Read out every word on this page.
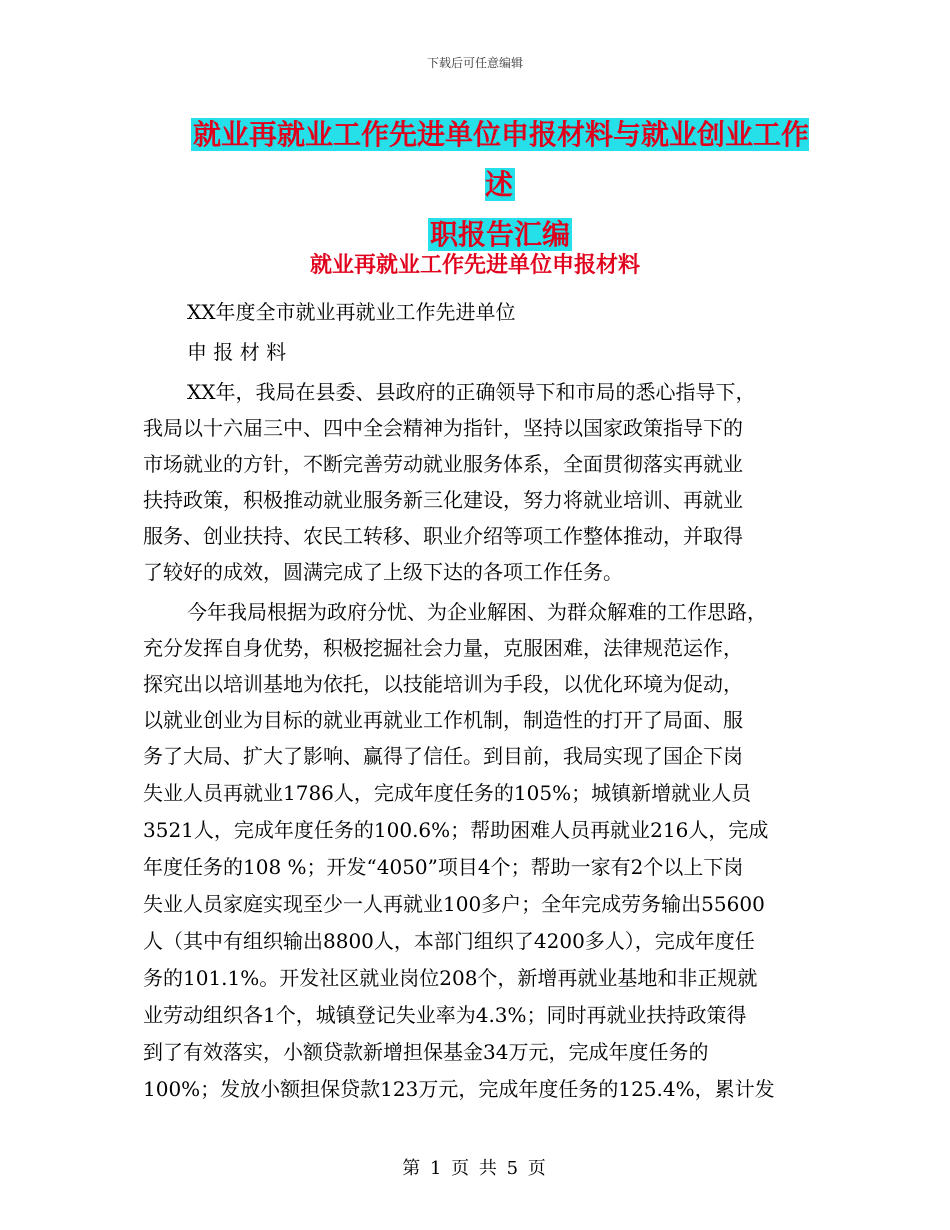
下载后可任意编辑
就业再就业工作先进单位申报材料与就业创业工作述
职报告汇编
就业再就业工作先进单位申报材料
XX年度全市就业再就业工作先进单位
申 报 材 料
XX年，我局在县委、县政府的正确领导下和市局的悉心指导下，
我局以十六届三中、四中全会精神为指针，坚持以国家政策指导下的
市场就业的方针，不断完善劳动就业服务体系，全面贯彻落实再就业
扶持政策，积极推动就业服务新三化建设，努力将就业培训、再就业
服务、创业扶持、农民工转移、职业介绍等项工作整体推动，并取得
了较好的成效，圆满完成了上级下达的各项工作任务。
今年我局根据为政府分忧、为企业解困、为群众解难的工作思路，
充分发挥自身优势，积极挖掘社会力量，克服困难，法律规范运作，
探究出以培训基地为依托，以技能培训为手段，以优化环境为促动，
以就业创业为目标的就业再就业工作机制，制造性的打开了局面、服
务了大局、扩大了影响、赢得了信任。到目前，我局实现了国企下岗
失业人员再就业1786人，完成年度任务的105%；城镇新增就业人员
3521人，完成年度任务的100.6%；帮助困难人员再就业216人，完成
年度任务的108 %；开发“4050”项目4个；帮助一家有2个以上下岗
失业人员家庭实现至少一人再就业100多户；全年完成劳务输出55600
人（其中有组织输出8800人，本部门组织了4200多人），完成年度任
务的101.1%。开发社区就业岗位208个，新增再就业基地和非正规就
业劳动组织各1个，城镇登记失业率为4.3%；同时再就业扶持政策得
到了有效落实，小额贷款新增担保基金34万元，完成年度任务的
100%；发放小额担保贷款123万元，完成年度任务的125.4%，累计发
第 1 页 共 5 页
